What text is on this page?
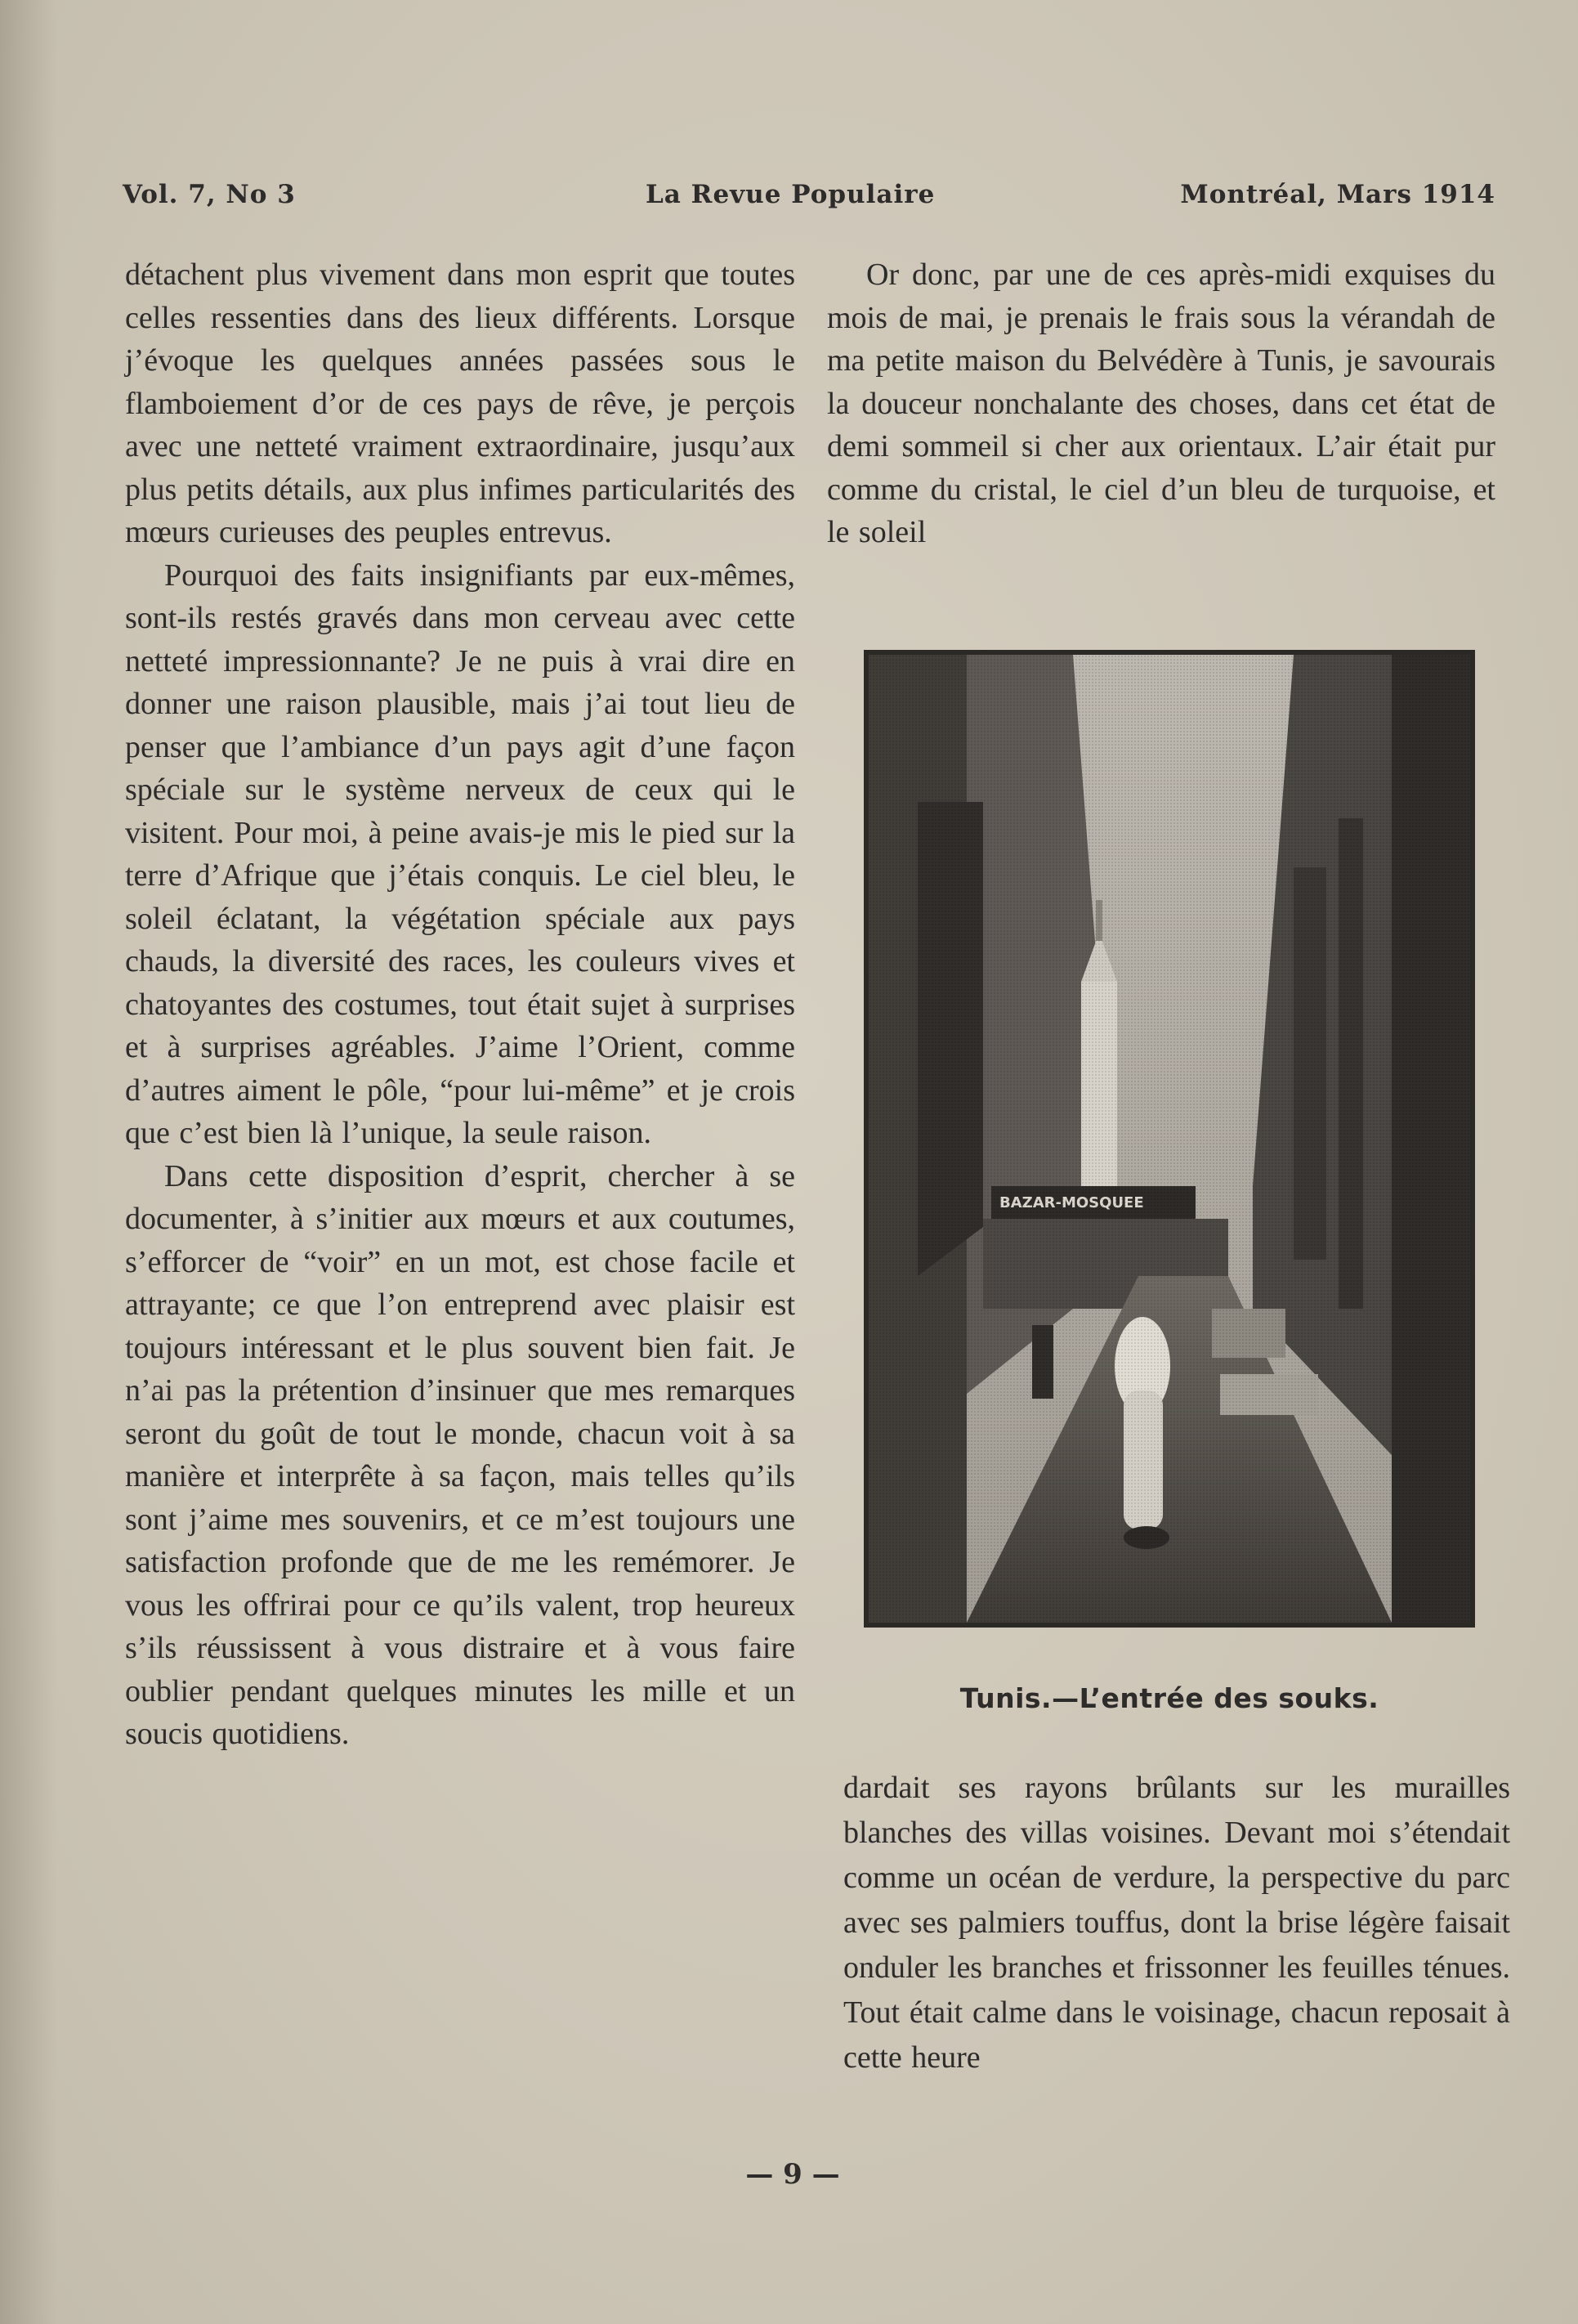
Vol. 7, No 3	La Revue Populaire	Montréal, Mars 1914

détachent plus vivement dans mon esprit que toutes celles ressenties dans des lieux différents. Lorsque j’évoque les quelques années passées sous le flamboiement d’or de ces pays de rêve, je perçois avec une netteté vraiment extraordinaire, jusqu’aux plus petits détails, aux plus infimes particularités des mœurs curieuses des peuples entrevus.

Pourquoi des faits insignifiants par eux-mêmes, sont-ils restés gravés dans mon cerveau avec cette netteté impressionnante? Je ne puis à vrai dire en donner une raison plausible, mais j’ai tout lieu de penser que l’ambiance d’un pays agit d’une façon spéciale sur le système nerveux de ceux qui le visitent. Pour moi, à peine avais-je mis le pied sur la terre d’Afrique que j’étais conquis. Le ciel bleu, le soleil éclatant, la végétation spéciale aux pays chauds, la diversité des races, les couleurs vives et chatoyantes des costumes, tout était sujet à surprises et à surprises agréables. J’aime l’Orient, comme d’autres aiment le pôle, “pour lui-même” et je crois que c’est bien là l’unique, la seule raison.

Dans cette disposition d’esprit, chercher à se documenter, à s’initier aux mœurs et aux coutumes, s’efforcer de “voir” en un mot, est chose facile et attrayante; ce que l’on entreprend avec plaisir est toujours intéressant et le plus souvent bien fait. Je n’ai pas la prétention d’insinuer que mes remarques seront du goût de tout le monde, chacun voit à sa manière et interprête à sa façon, mais telles qu’ils sont j’aime mes souvenirs, et ce m’est toujours une satisfaction profonde que de me les remémorer. Je vous les offrirai pour ce qu’ils valent, trop heureux s’ils réussissent à vous distraire et à vous faire oublier pendant quelques minutes les mille et un soucis quotidiens.

Or donc, par une de ces après-midi exquises du mois de mai, je prenais le frais sous la vérandah de ma petite maison du Belvédère à Tunis, je savourais la douceur nonchalante des choses, dans cet état de demi sommeil si cher aux orientaux. L’air était pur comme du cristal, le ciel d’un bleu de turquoise, et le soleil

Tunis.—L’entrée des souks.

dardait ses rayons brûlants sur les murailles blanches des villas voisines. Devant moi s’étendait comme un océan de verdure, la perspective du parc avec ses palmiers touffus, dont la brise légère faisait onduler les branches et frissonner les feuilles ténues. Tout était calme dans le voisinage, chacun reposait à cette heure

— 9 —
